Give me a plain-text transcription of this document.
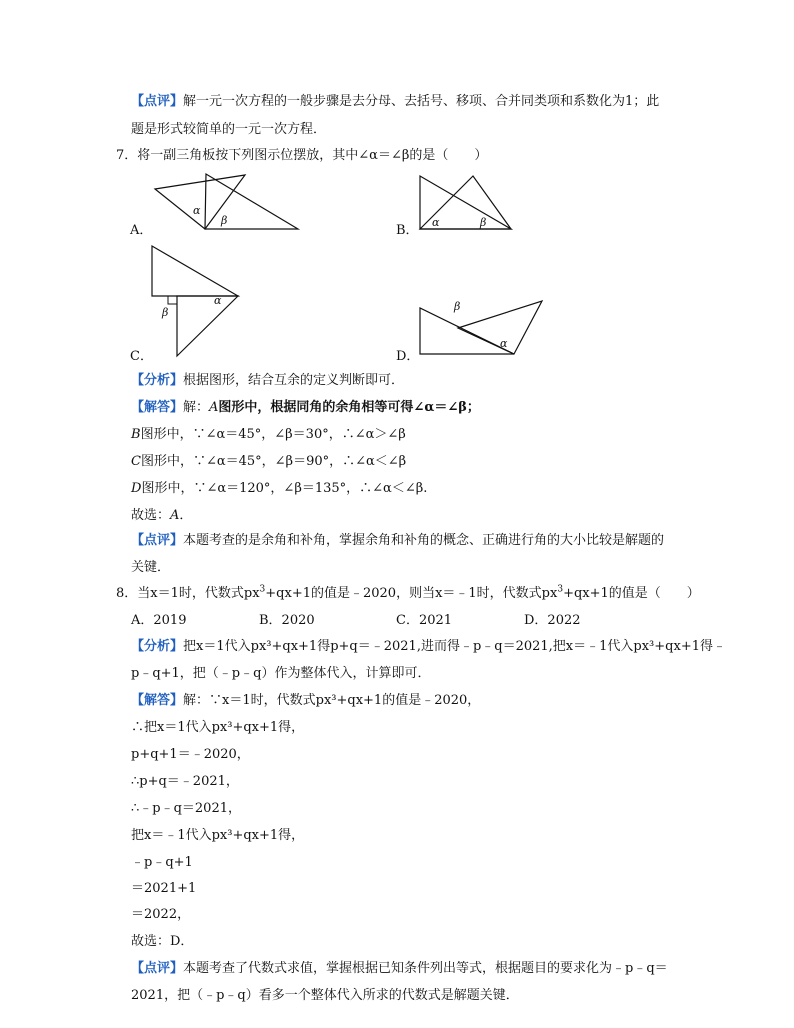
【点评】解一元一次方程的一般步骤是去分母、去括号、移项、合并同类项和系数化为1；此
题是形式较简单的一元一次方程．
7．将一副三角板按下列图示位摆放，其中∠α＝∠β的是（　　）
A．
α
β
B．
α	β
C．
α
β
D．
β
α
【分析】根据图形，结合互余的定义判断即可．
【解答】解：A图形中，根据同角的余角相等可得∠α＝∠β；
B图形中，∵∠α＝45°，∠β＝30°，∴∠α＞∠β
C图形中，∵∠α＝45°，∠β＝90°，∴∠α＜∠β
D图形中，∵∠α＝120°，∠β＝135°，∴∠α＜∠β.
故选：A．
【点评】本题考查的是余角和补角，掌握余角和补角的概念、正确进行角的大小比较是解题的
关键．
8．当x＝1时，代数式$px^3+qx+1$的值是﹣2020，则当x＝﹣1时，代数式$px^3+qx+1$的值是（　　）
A．2019	B．2020	C．2021	D．2022
【分析】把x＝1代入px³+qx+1得p+q＝﹣2021,进而得﹣p﹣q＝2021,把x＝﹣1代入px³+qx+1得﹣
p﹣q+1，把（﹣p﹣q）作为整体代入，计算即可．
【解答】解：∵x＝1时，代数式px³+qx+1的值是﹣2020，
∴把x＝1代入px³+qx+1得，
p+q+1＝﹣2020，
∴p+q＝﹣2021，
∴﹣p﹣q＝2021，
把x＝﹣1代入px³+qx+1得，
﹣p﹣q+1
＝2021+1
＝2022，
故选：D．
【点评】本题考查了代数式求值，掌握根据已知条件列出等式，根据题目的要求化为﹣p﹣q＝
2021，把（﹣p﹣q）看多一个整体代入所求的代数式是解题关键．
